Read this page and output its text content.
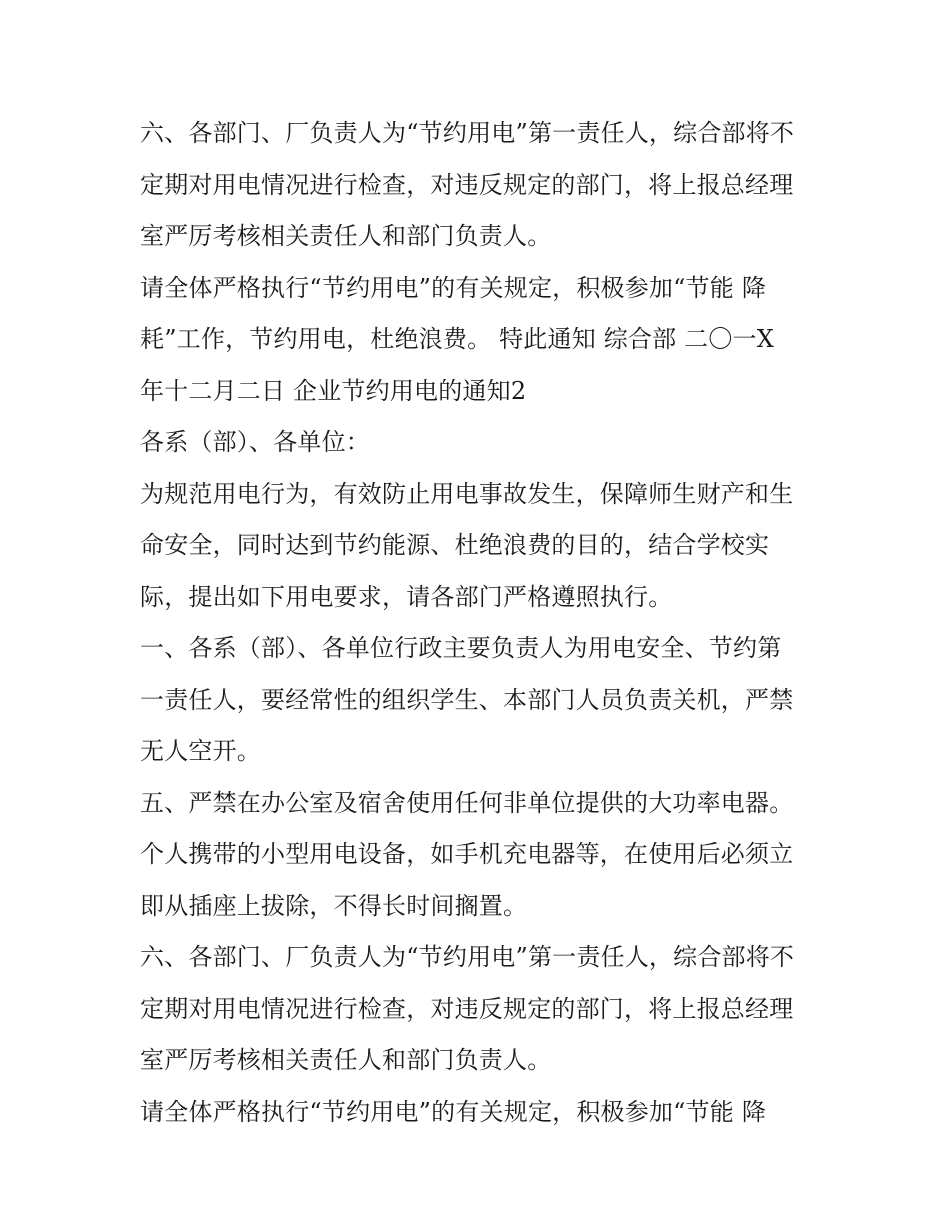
六、各部门、厂负责人为“节约用电”第一责任人，综合部将不
定期对用电情况进行检查，对违反规定的部门，将上报总经理
室严厉考核相关责任人和部门负责人。
请全体严格执行“节约用电”的有关规定，积极参加“节能 降
耗”工作，节约用电，杜绝浪费。 特此通知 综合部 二〇一X
年十二月二日 企业节约用电的通知2
各系（部）、各单位：
为规范用电行为，有效防止用电事故发生，保障师生财产和生
命安全，同时达到节约能源、杜绝浪费的目的，结合学校实
际，提出如下用电要求，请各部门严格遵照执行。
一、各系（部）、各单位行政主要负责人为用电安全、节约第
一责任人，要经常性的组织学生、本部门人员负责关机，严禁
无人空开。
五、严禁在办公室及宿舍使用任何非单位提供的大功率电器。
个人携带的小型用电设备，如手机充电器等，在使用后必须立
即从插座上拔除，不得长时间搁置。
六、各部门、厂负责人为“节约用电”第一责任人，综合部将不
定期对用电情况进行检查，对违反规定的部门，将上报总经理
室严厉考核相关责任人和部门负责人。
请全体严格执行“节约用电”的有关规定，积极参加“节能 降
